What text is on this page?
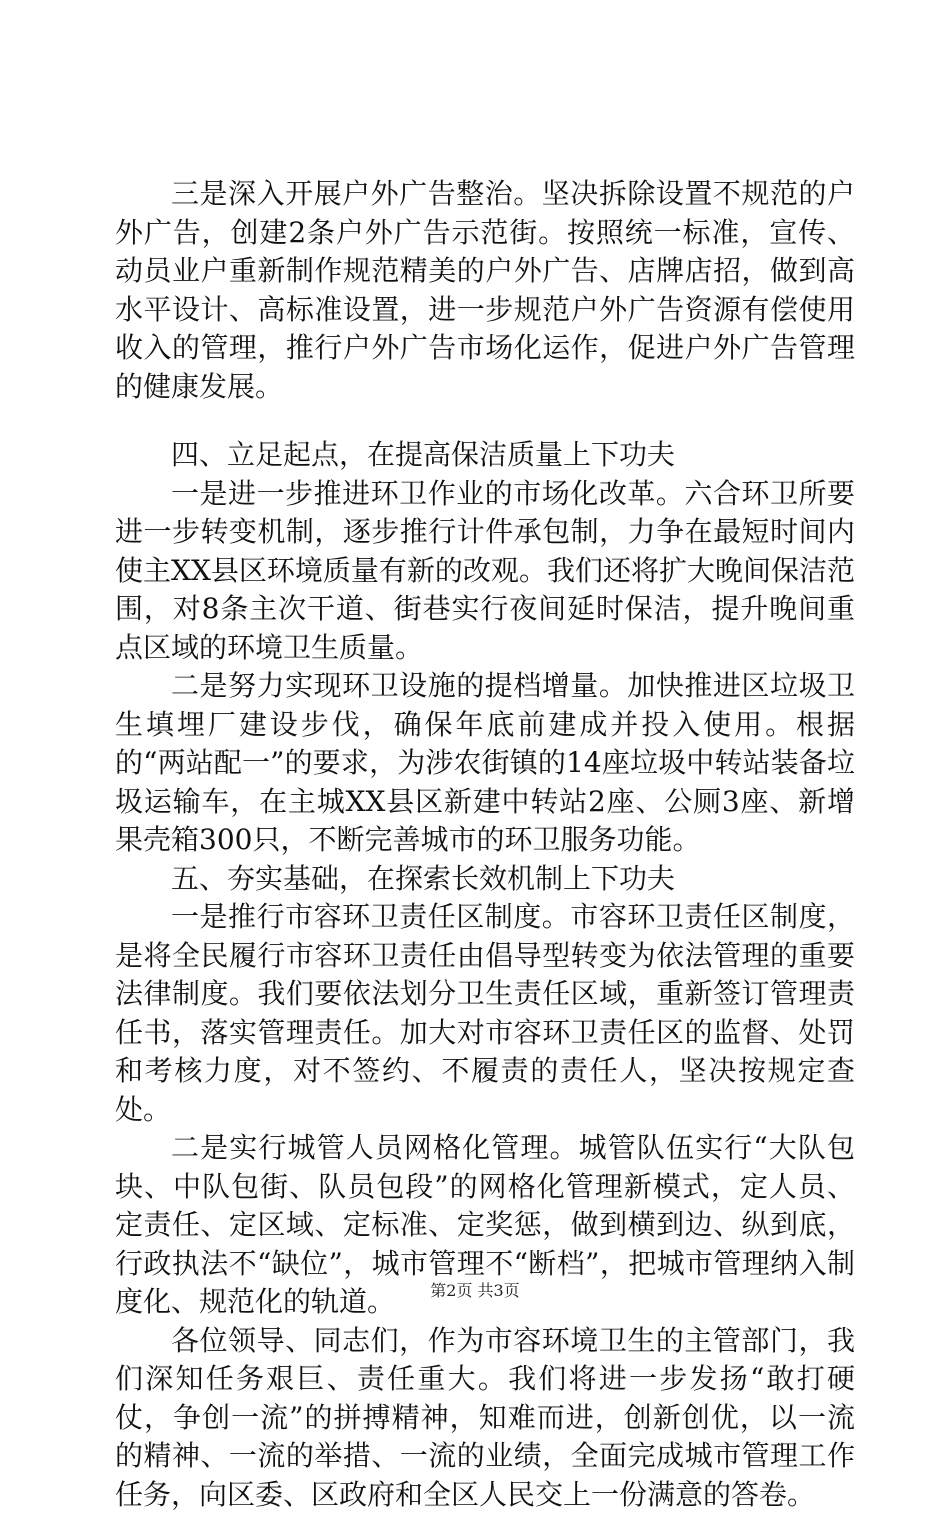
三是深入开展户外广告整治。坚决拆除设置不规范的户外广告，创建2条户外广告示范街。按照统一标准，宣传、动员业户重新制作规范精美的户外广告、店牌店招，做到高水平设计、高标准设置，进一步规范户外广告资源有偿使用收入的管理，推行户外广告市场化运作，促进户外广告管理的健康发展。

四、立足起点，在提高保洁质量上下功夫

一是进一步推进环卫作业的市场化改革。六合环卫所要进一步转变机制，逐步推行计件承包制，力争在最短时间内使主XX县区环境质量有新的改观。我们还将扩大晚间保洁范围，对8条主次干道、街巷实行夜间延时保洁，提升晚间重点区域的环境卫生质量。

二是努力实现环卫设施的提档增量。加快推进区垃圾卫生填埋厂建设步伐，确保年底前建成并投入使用。根据的“两站配一”的要求，为涉农街镇的14座垃圾中转站装备垃圾运输车，在主城XX县区新建中转站2座、公厕3座、新增果壳箱300只，不断完善城市的环卫服务功能。

五、夯实基础，在探索长效机制上下功夫

一是推行市容环卫责任区制度。市容环卫责任区制度，是将全民履行市容环卫责任由倡导型转变为依法管理的重要法律制度。我们要依法划分卫生责任区域，重新签订管理责任书，落实管理责任。加大对市容环卫责任区的监督、处罚和考核力度，对不签约、不履责的责任人，坚决按规定查处。

二是实行城管人员网格化管理。城管队伍实行“大队包块、中队包街、队员包段”的网格化管理新模式，定人员、定责任、定区域、定标准、定奖惩，做到横到边、纵到底，行政执法不“缺位”，城市管理不“断档”，把城市管理纳入制度化、规范化的轨道。

各位领导、同志们，作为市容环境卫生的主管部门，我们深知任务艰巨、责任重大。我们将进一步发扬“敢打硬仗，争创一流”的拼搏精神，知难而进，创新创优，以一流的精神、一流的举措、一流的业绩，全面完成城市管理工作任务，向区委、区政府和全区人民交上一份满意的答卷。

第2页 共3页
